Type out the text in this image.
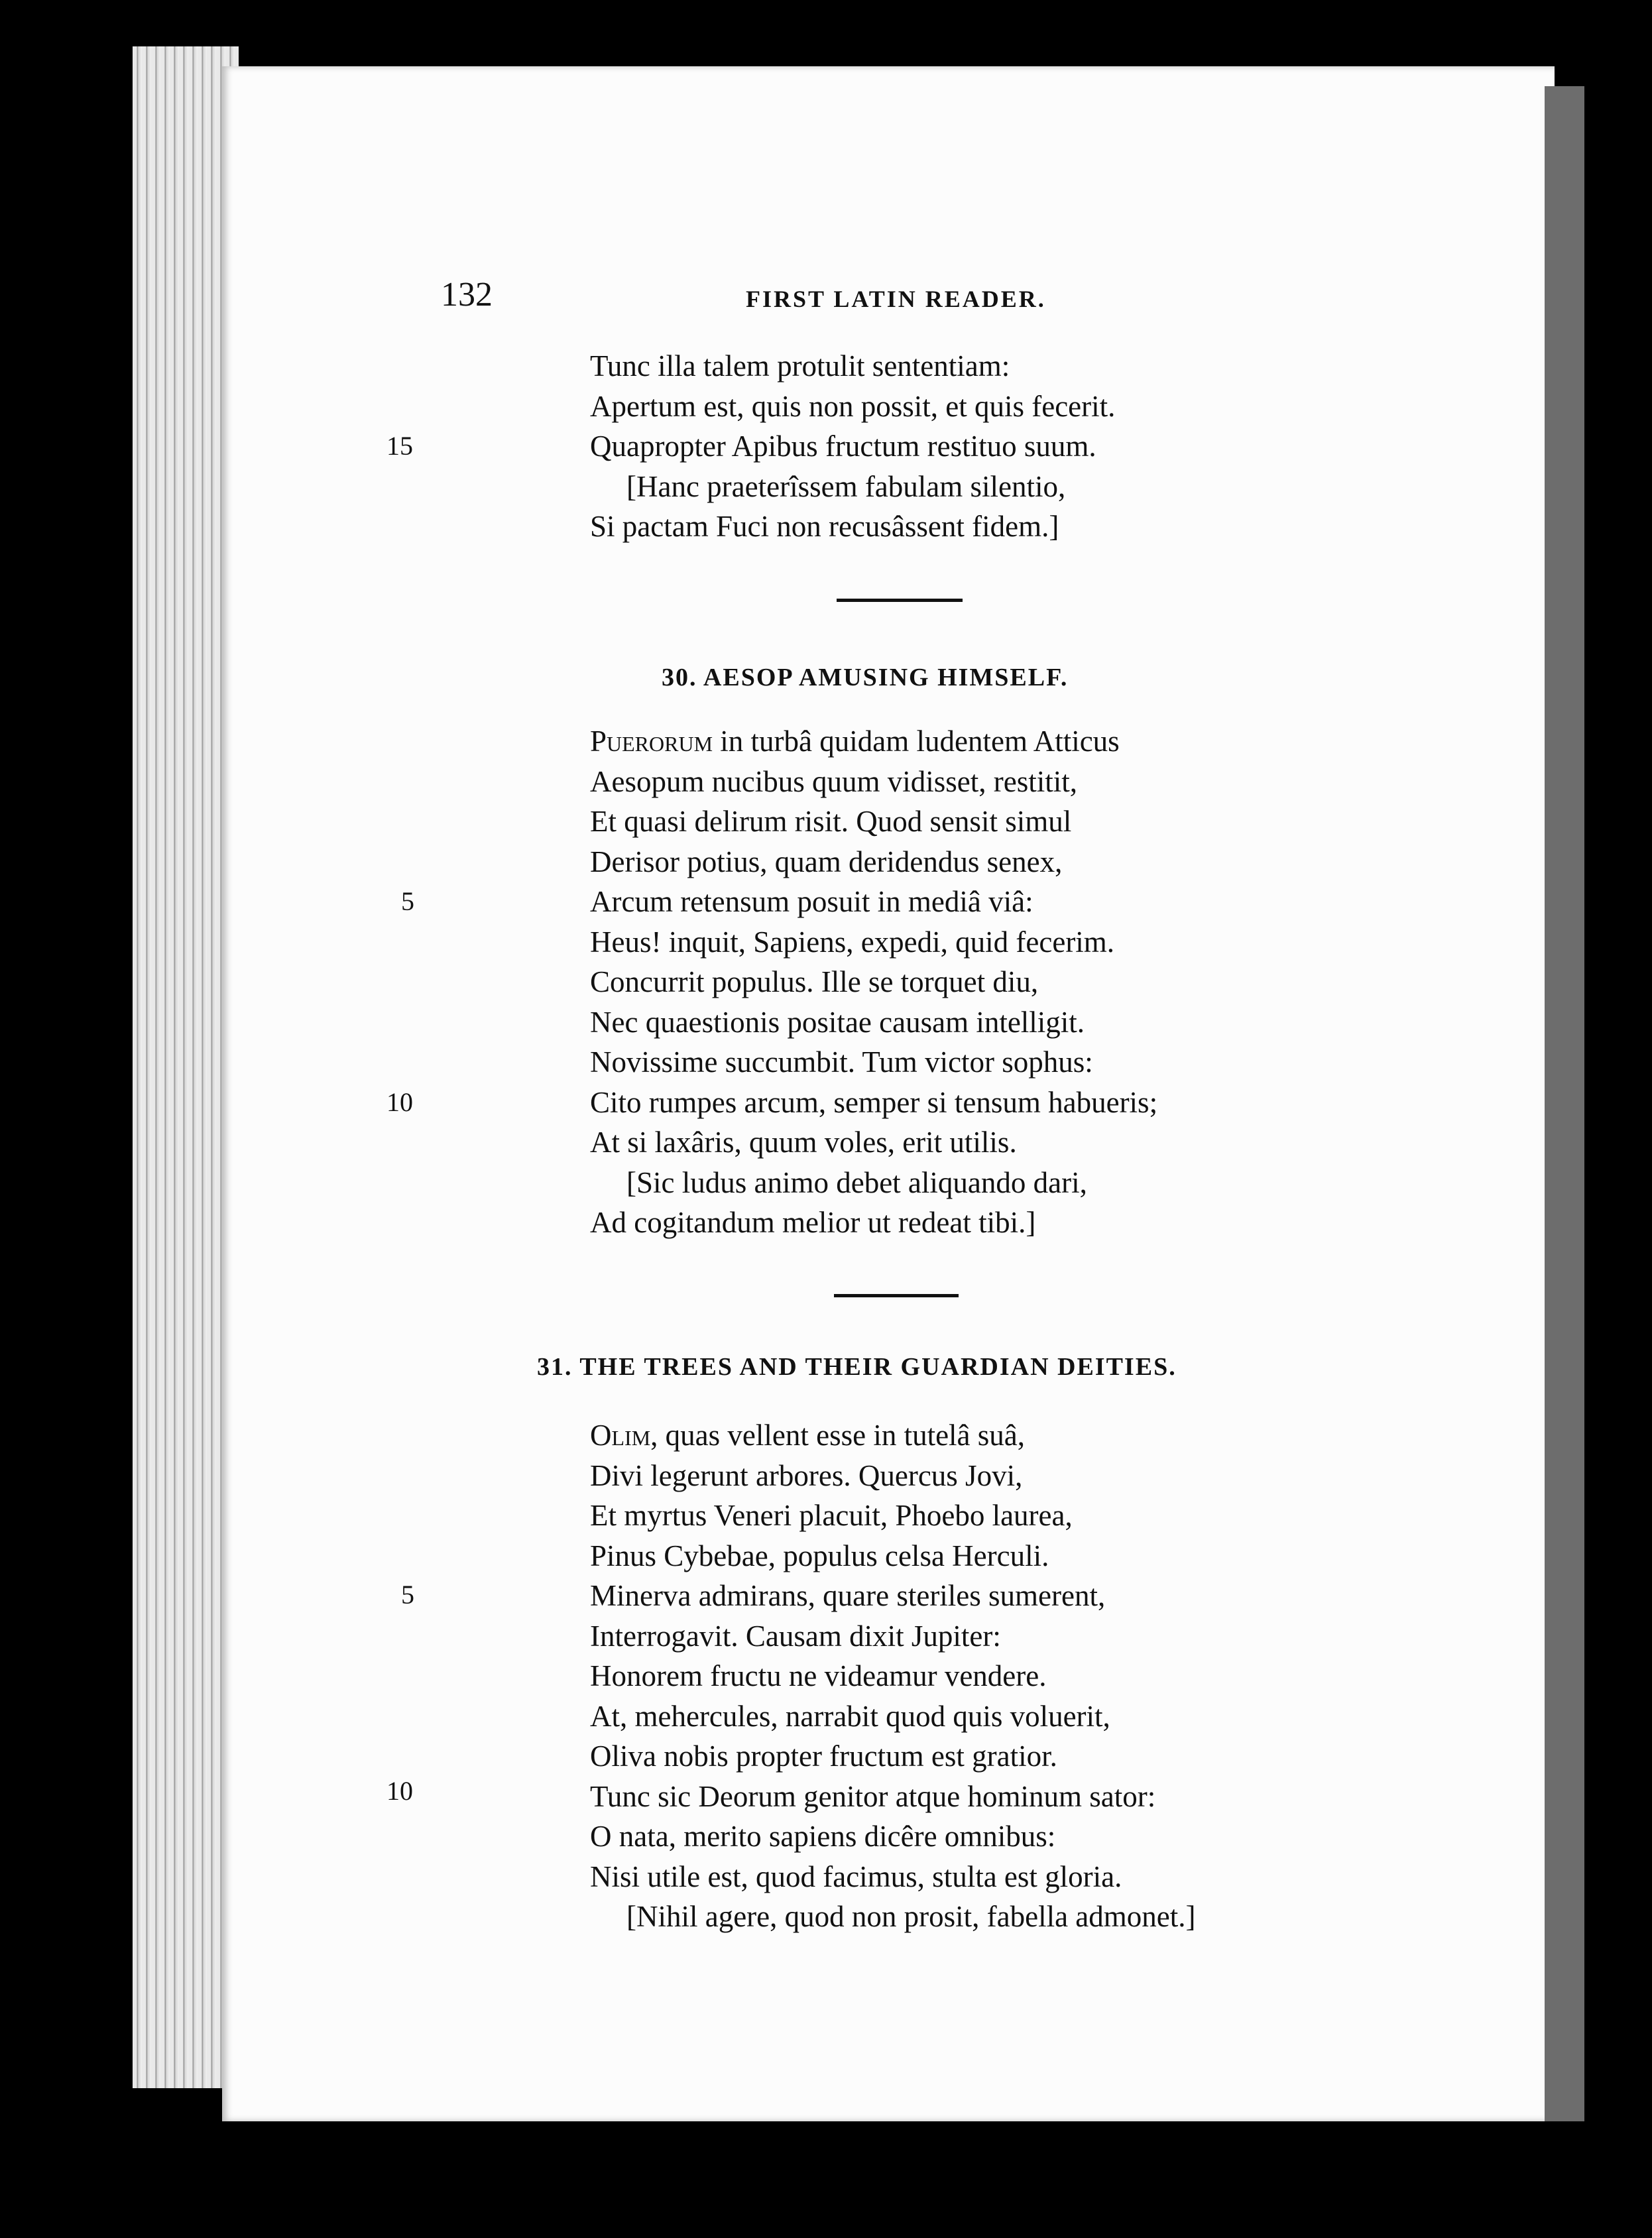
132	FIRST LATIN READER.
Tunc illa talem protulit sententiam:
Apertum est, quis non possit, et quis fecerit.
Quapropter Apibus fructum restituo suum.
[Hanc praeterîssem fabulam silentio,
Si pactam Fuci non recusâssent fidem.]
15
30. AESOP AMUSING HIMSELF.
Puerorum in turbâ quidam ludentem Atticus
Aesopum nucibus quum vidisset, restitit,
Et quasi delirum risit. Quod sensit simul
Derisor potius, quam deridendus senex,
Arcum retensum posuit in mediâ viâ:
Heus! inquit, Sapiens, expedi, quid fecerim.
Concurrit populus. Ille se torquet diu,
Nec quaestionis positae causam intelligit.
Novissime succumbit. Tum victor sophus:
Cito rumpes arcum, semper si tensum habueris;
At si laxâris, quum voles, erit utilis.
[Sic ludus animo debet aliquando dari,
Ad cogitandum melior ut redeat tibi.]
5
10
31. THE TREES AND THEIR GUARDIAN DEITIES.
Olim, quas vellent esse in tutelâ suâ,
Divi legerunt arbores. Quercus Jovi,
Et myrtus Veneri placuit, Phoebo laurea,
Pinus Cybebae, populus celsa Herculi.
Minerva admirans, quare steriles sumerent,
Interrogavit. Causam dixit Jupiter:
Honorem fructu ne videamur vendere.
At, mehercules, narrabit quod quis voluerit,
Oliva nobis propter fructum est gratior.
Tunc sic Deorum genitor atque hominum sator:
O nata, merito sapiens dicêre omnibus:
Nisi utile est, quod facimus, stulta est gloria.
[Nihil agere, quod non prosit, fabella admonet.]
5
10
